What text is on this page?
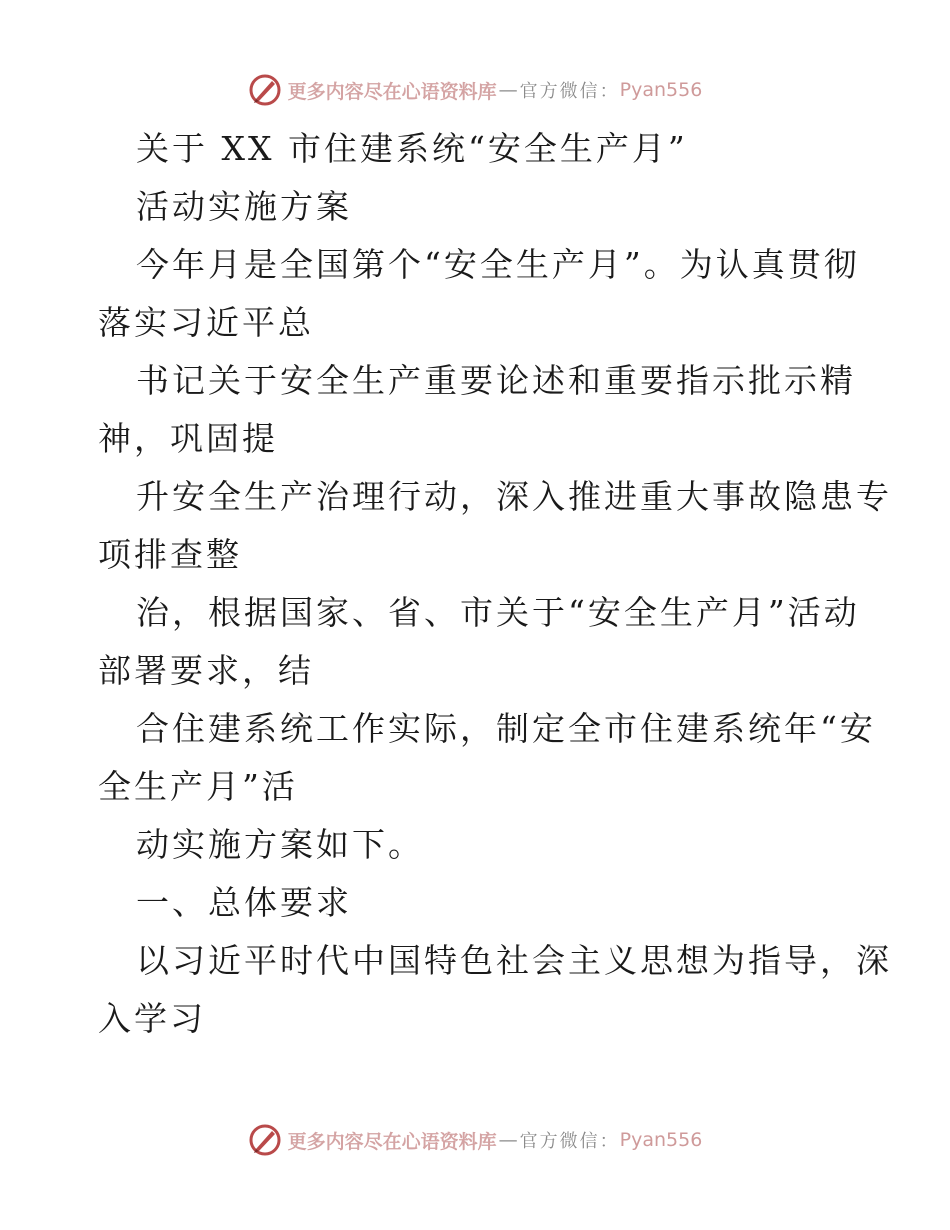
更多内容尽在心语资料库 — 官方微信： Pyan556
关于 XX 市住建系统“安全生产月”
活动实施方案
今年月是全国第个“安全生产月”。为认真贯彻
落实习近平总
书记关于安全生产重要论述和重要指示批示精
神，巩固提
升安全生产治理行动，深入推进重大事故隐患专
项排查整
治，根据国家、省、市关于“安全生产月”活动
部署要求，结
合住建系统工作实际，制定全市住建系统年“安
全生产月”活
动实施方案如下。
一、总体要求
以习近平时代中国特色社会主义思想为指导，深
入学习
更多内容尽在心语资料库 — 官方微信： Pyan556
